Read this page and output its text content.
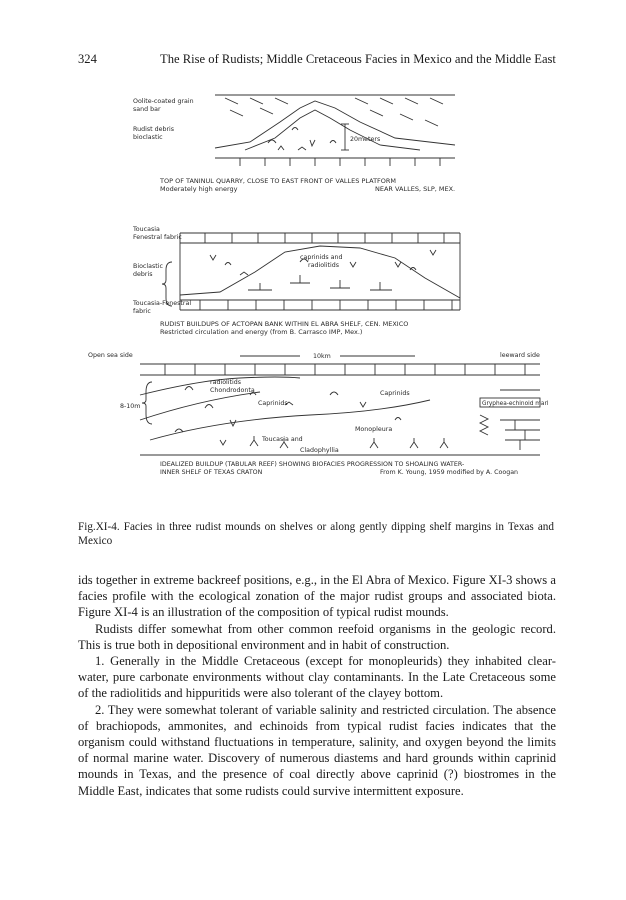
324	The Rise of Rudists; Middle Cretaceous Facies in Mexico and the Middle East
Oolite-coated grain
sand bar
Rudist debris
bioclastic	20meters
TOP OF TANINUL QUARRY, CLOSE TO EAST FRONT OF VALLES PLATFORM
Moderately high energy	NEAR VALLES, SLP, MEX.
Toucasia
Fenestral fabric
Bioclastic
debris
caprinids and
radiolitids
Toucasia-Fenestral
fabric
RUDIST BUILDUPS OF ACTOPAN BANK WITHIN EL ABRA SHELF, CEN. MEXICO
Restricted circulation and energy (from B. Carrasco IMP, Mex.)
Open sea side	leeward side
10km
8-10m
radiolitids
Chondrodonta
Caprinids
Caprinids
Gryphea-echinoid marl
Monopleura
Toucasia and
Cladophyllia
IDEALIZED BUILDUP (TABULAR REEF) SHOWING BIOFACIES PROGRESSION TO SHOALING WATER-
INNER SHELF OF TEXAS CRATON	From K. Young, 1959 modified by A. Coogan
Fig.XI-4. Facies in three rudist mounds on shelves or along gently dipping shelf margins in Texas and Mexico

ids together in extreme backreef positions, e.g., in the El Abra of Mexico. Figure XI-3 shows a facies profile with the ecological zonation of the major rudist groups and associated biota. Figure XI-4 is an illustration of the composition of typical rudist mounds.

Rudists differ somewhat from other common reefoid organisms in the geologic record. This is true both in depositional environment and in habit of construction.

1. Generally in the Middle Cretaceous (except for monopleurids) they inhabited clear-water, pure carbonate environments without clay contaminants. In the Late Cretaceous some of the radiolitids and hippuritids were also tolerant of the clayey bottom.

2. They were somewhat tolerant of variable salinity and restricted circulation. The absence of brachiopods, ammonites, and echinoids from typical rudist facies indicates that the organism could withstand fluctuations in temperature, salinity, and oxygen beyond the limits of normal marine water. Discovery of numerous diastems and hard grounds within caprinid mounds in Texas, and the presence of coal directly above caprinid (?) biostromes in the Middle East, indicates that some rudists could survive intermittent exposure.
